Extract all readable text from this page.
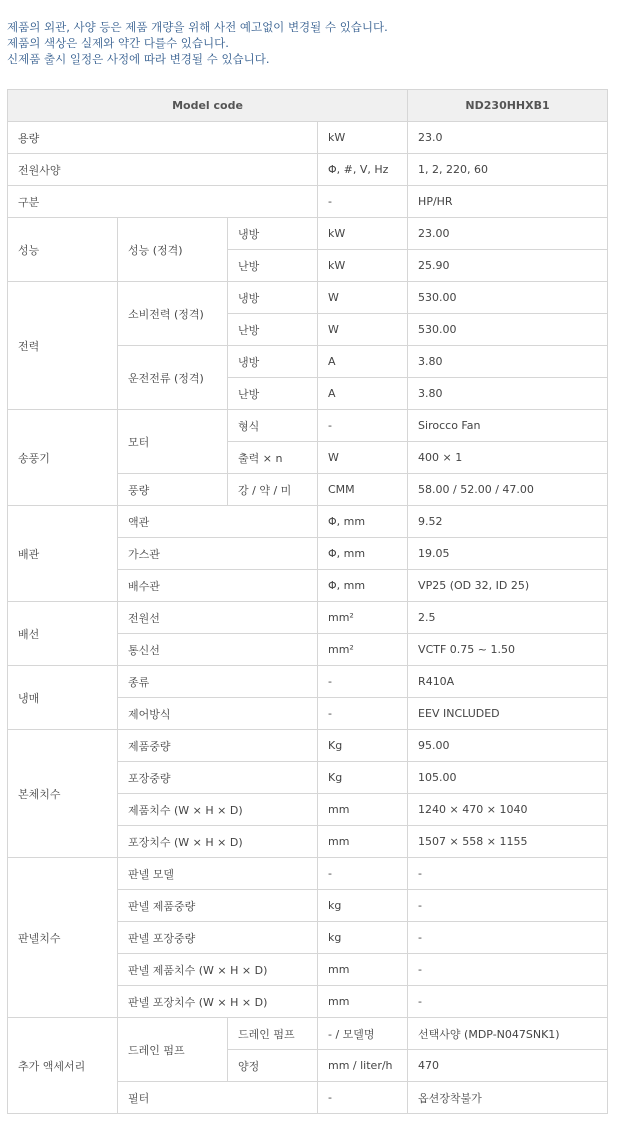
제품의 외관, 사양 등은 제품 개량을 위해 사전 예고없이 변경될 수 있습니다.
제품의 색상은 실제와 약간 다를수 있습니다.
신제품 출시 일정은 사정에 따라 변경될 수 있습니다.
Model code				ND230HHXB1
용량			kW	23.0
전원사양			Φ, #, V, Hz	1, 2, 220, 60
구분			-	HP/HR
성능	성능 (정격)	냉방	kW	23.00
		난방	kW	25.90
전력	소비전력 (정격)	냉방	W	530.00
		난방	W	530.00
	운전전류 (정격)	냉방	A	3.80
		난방	A	3.80
송풍기	모터	형식	-	Sirocco Fan
		출력 × n	W	400 × 1
	풍량	강 / 약 / 미	CMM	58.00 / 52.00 / 47.00
배관	액관		Φ, mm	9.52
	가스관		Φ, mm	19.05
	배수관		Φ, mm	VP25 (OD 32, ID 25)
배선	전원선		mm²	2.5
	통신선		mm²	VCTF 0.75 ~ 1.50
냉매	종류		-	R410A
	제어방식		-	EEV INCLUDED
본체치수	제품중량		Kg	95.00
	포장중량		Kg	105.00
	제품치수 (W × H × D)		mm	1240 × 470 × 1040
	포장치수 (W × H × D)		mm	1507 × 558 × 1155
판넬치수	판넬 모델		-	-
	판넬 제품중량		kg	-
	판넬 포장중량		kg	-
	판넬 제품치수 (W × H × D)		mm	-
	판넬 포장치수 (W × H × D)		mm	-
추가 액세서리	드레인 펌프	드레인 펌프	- / 모델명	선택사양 (MDP-N047SNK1)
		양정	mm / liter/h	470
	필터		-	옵션장착불가
